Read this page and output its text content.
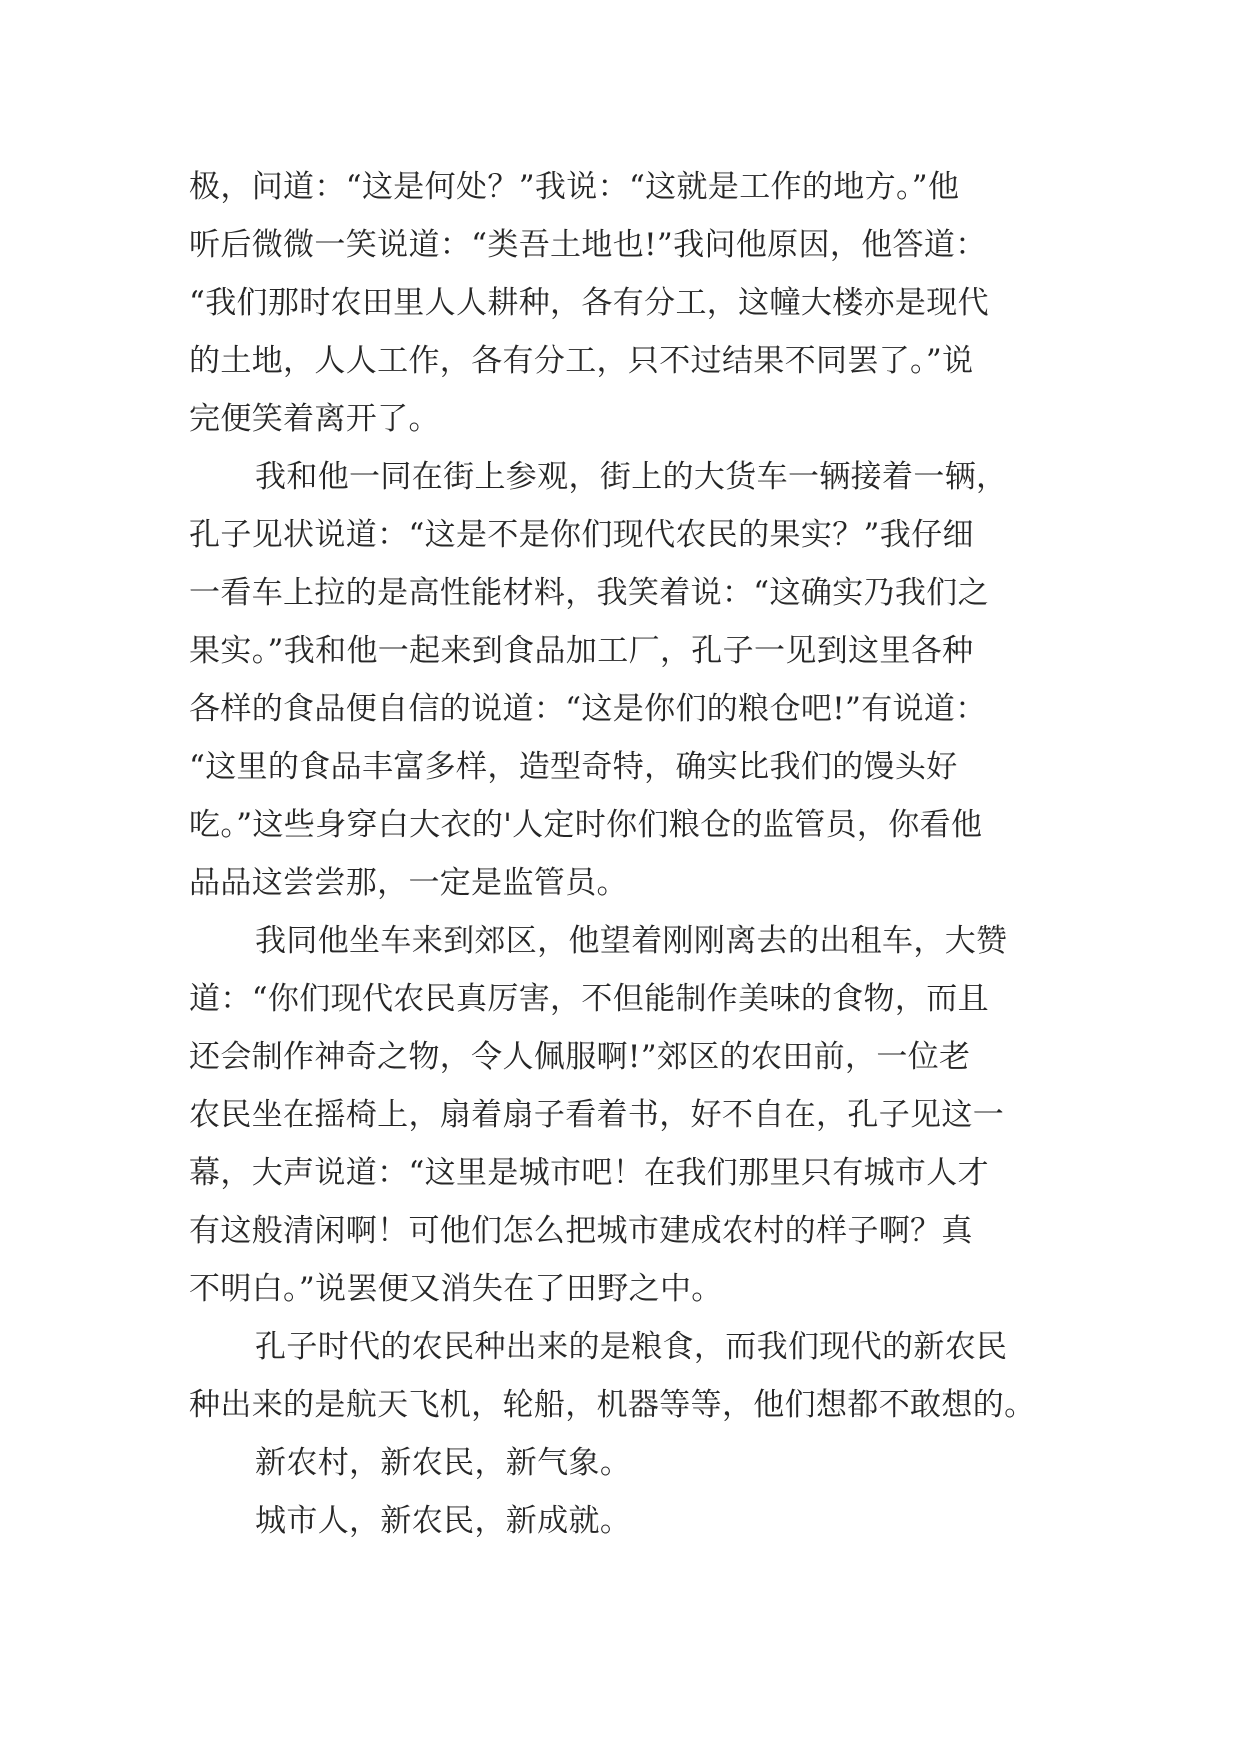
极，问道：“这是何处？”我说：“这就是工作的地方。”他
听后微微一笑说道：“类吾土地也!”我问他原因，他答道：
“我们那时农田里人人耕种，各有分工，这幢大楼亦是现代
的土地，人人工作，各有分工，只不过结果不同罢了。”说
完便笑着离开了。
我和他一同在街上参观，街上的大货车一辆接着一辆，
孔子见状说道：“这是不是你们现代农民的果实？”我仔细
一看车上拉的是高性能材料，我笑着说：“这确实乃我们之
果实。”我和他一起来到食品加工厂，孔子一见到这里各种
各样的食品便自信的说道：“这是你们的粮仓吧!”有说道：
“这里的食品丰富多样，造型奇特，确实比我们的馒头好
吃。”这些身穿白大衣的'人定时你们粮仓的监管员，你看他
品品这尝尝那，一定是监管员。
我同他坐车来到郊区，他望着刚刚离去的出租车，大赞
道：“你们现代农民真厉害，不但能制作美味的食物，而且
还会制作神奇之物，令人佩服啊!”郊区的农田前，一位老
农民坐在摇椅上，扇着扇子看着书，好不自在，孔子见这一
幕，大声说道：“这里是城市吧！在我们那里只有城市人才
有这般清闲啊！可他们怎么把城市建成农村的样子啊？真
不明白。”说罢便又消失在了田野之中。
孔子时代的农民种出来的是粮食，而我们现代的新农民
种出来的是航天飞机，轮船，机器等等，他们想都不敢想的。
新农村，新农民，新气象。
城市人，新农民，新成就。
